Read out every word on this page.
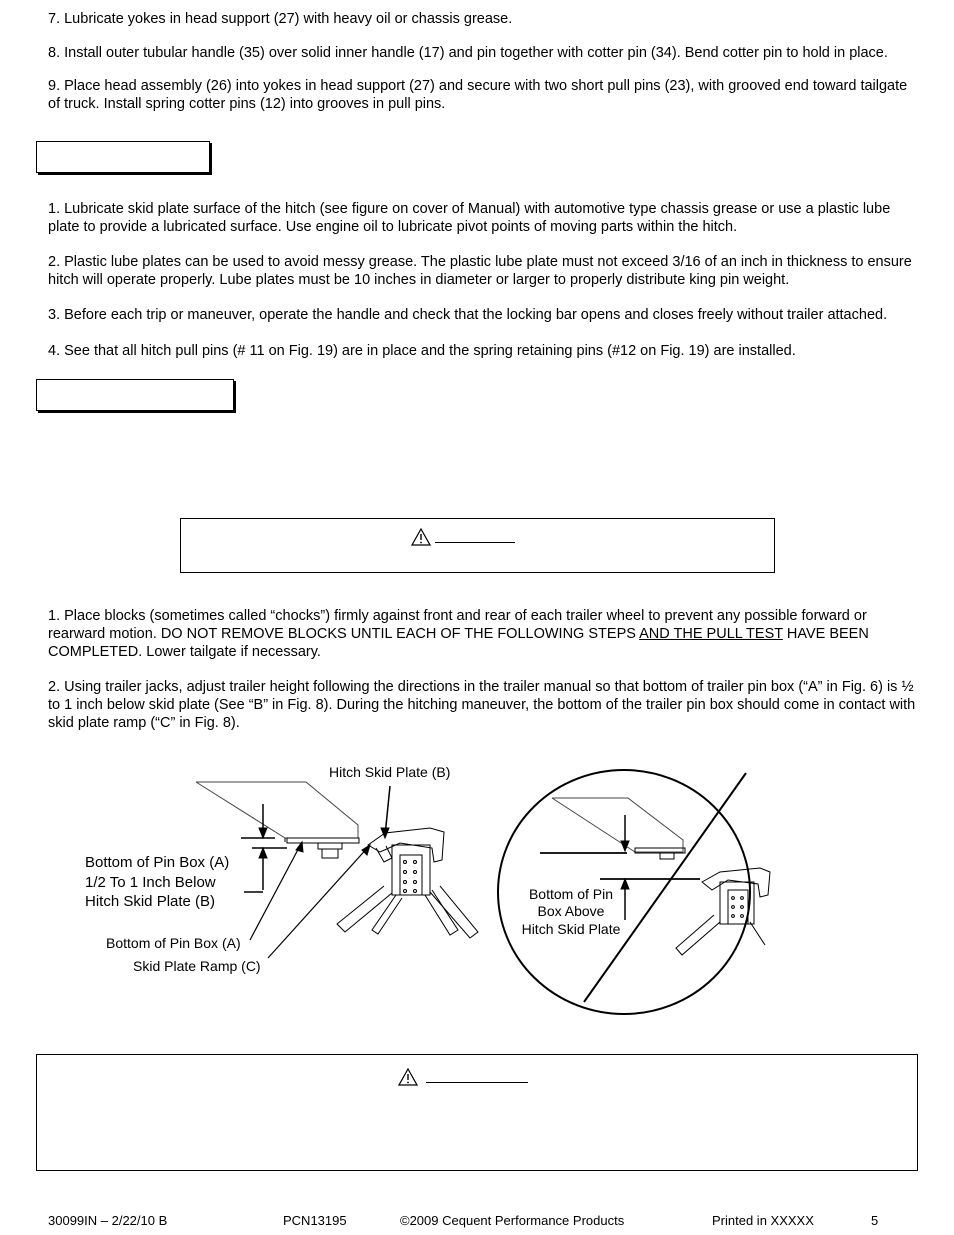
7. Lubricate yokes in head support (27) with heavy oil or chassis grease.

8. Install outer tubular handle (35) over solid inner handle (17) and pin together with cotter pin (34). Bend cotter pin to hold in place.

9. Place head assembly (26) into yokes in head support (27) and secure with two short pull pins (23), with grooved end toward tailgate of truck. Install spring cotter pins (12) into grooves in pull pins.

1. Lubricate skid plate surface of the hitch (see figure on cover of Manual) with automotive type chassis grease or use a plastic lube plate to provide a lubricated surface. Use engine oil to lubricate pivot points of moving parts within the hitch.

2. Plastic lube plates can be used to avoid messy grease. The plastic lube plate must not exceed 3/16 of an inch in thickness to ensure hitch will operate properly. Lube plates must be 10 inches in diameter or larger to properly distribute king pin weight.

3. Before each trip or maneuver, operate the handle and check that the locking bar opens and closes freely without trailer attached.

4. See that all hitch pull pins (# 11 on Fig. 19) are in place and the spring retaining pins (#12 on Fig. 19) are installed.

1. Place blocks (sometimes called “chocks”) firmly against front and rear of each trailer wheel to prevent any possible forward or rearward motion. DO NOT REMOVE BLOCKS UNTIL EACH OF THE FOLLOWING STEPS AND THE PULL TEST HAVE BEEN COMPLETED. Lower tailgate if necessary.

2. Using trailer jacks, adjust trailer height following the directions in the trailer manual so that bottom of trailer pin box (“A” in Fig. 6) is ½ to 1 inch below skid plate (See “B” in Fig. 8). During the hitching maneuver, the bottom of the trailer pin box should come in contact with skid plate ramp (“C” in Fig. 8).

Hitch Skid Plate (B)
Bottom of Pin Box (A)
1/2 To 1 Inch Below
Hitch Skid Plate (B)
Bottom of Pin Box (A)
Skid Plate Ramp (C)
Bottom of Pin
Box Above
Hitch Skid Plate
30099IN – 2/22/10 B	PCN13195	©2009 Cequent Performance Products	Printed in XXXXX	5
